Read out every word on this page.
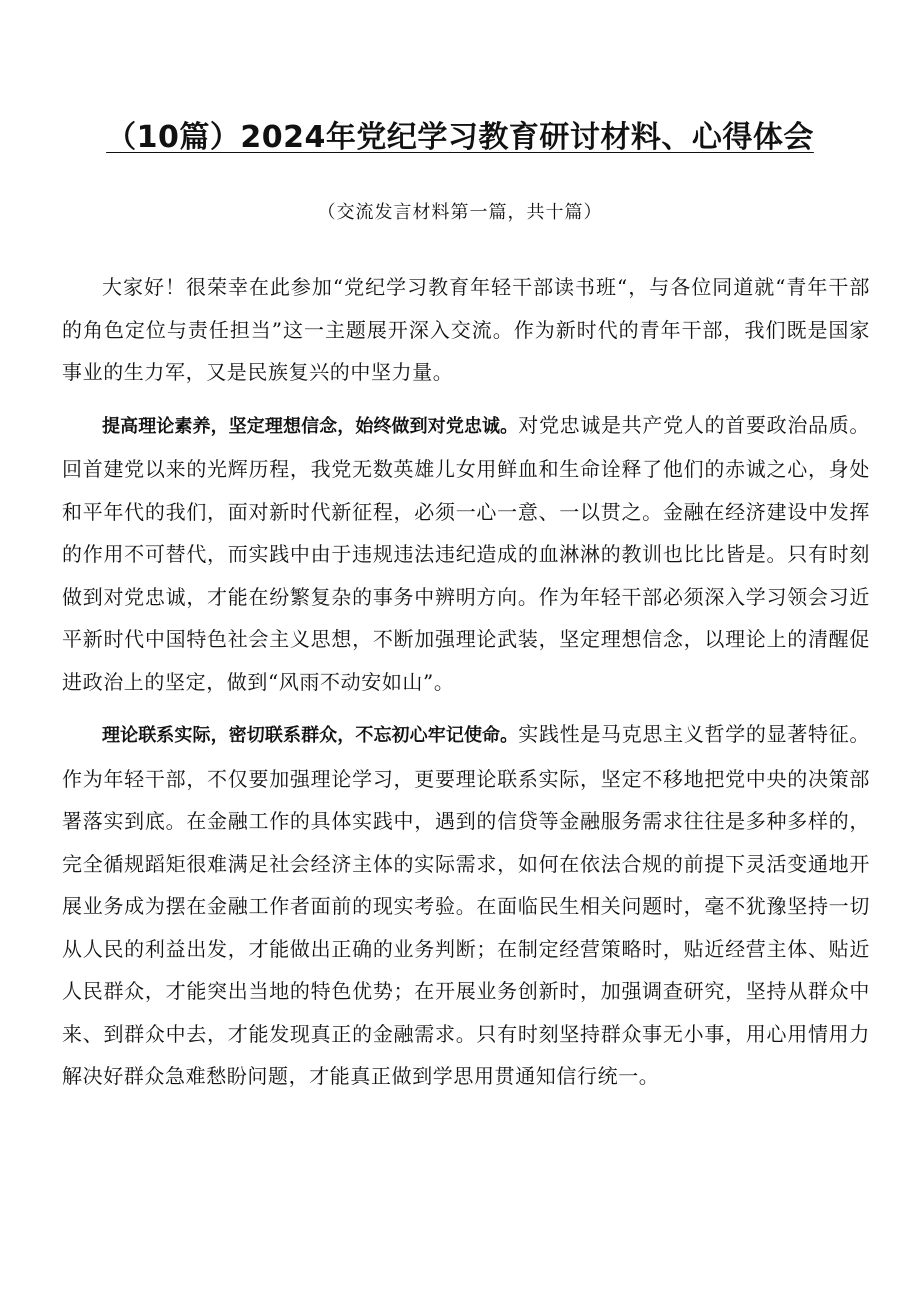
（10篇）2024年党纪学习教育研讨材料、心得体会
（交流发言材料第一篇，共十篇）

大家好！很荣幸在此参加“党纪学习教育年轻干部读书班“，与各位同道就“青年干部的角色定位与责任担当”这一主题展开深入交流。作为新时代的青年干部，我们既是国家事业的生力军，又是民族复兴的中坚力量。

提高理论素养，坚定理想信念，始终做到对党忠诚。对党忠诚是共产党人的首要政治品质。回首建党以来的光辉历程，我党无数英雄儿女用鲜血和生命诠释了他们的赤诚之心，身处和平年代的我们，面对新时代新征程，必须一心一意、一以贯之。金融在经济建设中发挥的作用不可替代，而实践中由于违规违法违纪造成的血淋淋的教训也比比皆是。只有时刻做到对党忠诚，才能在纷繁复杂的事务中辨明方向。作为年轻干部必须深入学习领会习近平新时代中国特色社会主义思想，不断加强理论武装，坚定理想信念，以理论上的清醒促进政治上的坚定，做到“风雨不动安如山”。

理论联系实际，密切联系群众，不忘初心牢记使命。实践性是马克思主义哲学的显著特征。作为年轻干部，不仅要加强理论学习，更要理论联系实际，坚定不移地把党中央的决策部署落实到底。在金融工作的具体实践中，遇到的信贷等金融服务需求往往是多种多样的，完全循规蹈矩很难满足社会经济主体的实际需求，如何在依法合规的前提下灵活变通地开展业务成为摆在金融工作者面前的现实考验。在面临民生相关问题时，毫不犹豫坚持一切从人民的利益出发，才能做出正确的业务判断；在制定经营策略时，贴近经营主体、贴近人民群众，才能突出当地的特色优势；在开展业务创新时，加强调查研究，坚持从群众中来、到群众中去，才能发现真正的金融需求。只有时刻坚持群众事无小事，用心用情用力解决好群众急难愁盼问题，才能真正做到学思用贯通知信行统一。
